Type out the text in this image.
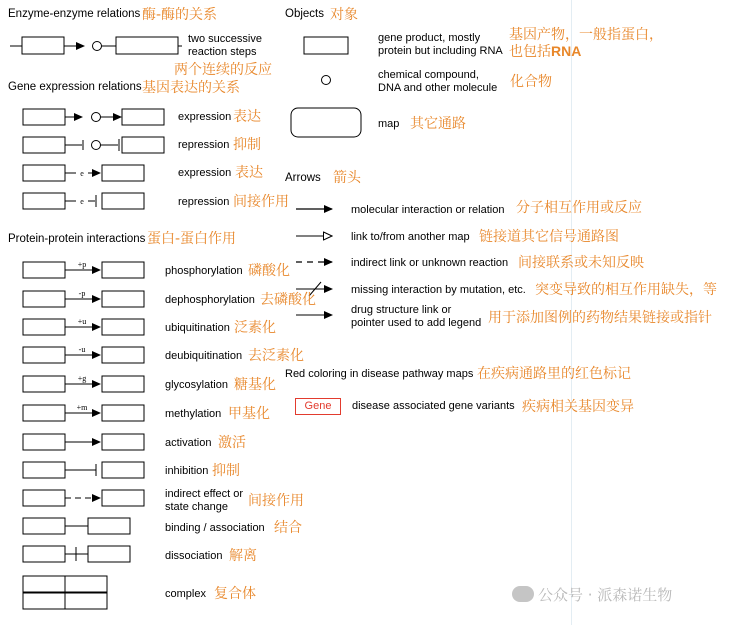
e
e
+p
-p
+u
-u
+g
+m
Enzyme-enzyme relations 酶-酶的关系
two successive
reaction steps
两个连续的反应
Gene expression relations 基因表达的关系
expression 表达
repression 抑制
expression 表达
repression 间接作用
Protein-protein interactions 蛋白-蛋白作用
phosphorylation 磷酸化
dephosphorylation 去磷酸化
ubiquitination 泛素化
deubiquitination 去泛素化
glycosylation 糖基化
methylation 甲基化
activation 激活
inhibition 抑制
indirect effect or
state change	间接作用
binding / association 结合
dissociation 解离
complex 复合体
Objects 对象
gene product, mostly
protein but including RNA
基因产物，一般指蛋白，
也包括RNA
chemical compound,
DNA and other molecule 化合物
map 其它通路
Arrows 箭头
molecular interaction or relation 分子相互作用或反应
link to/from another map 链接道其它信号通路图
indirect link or unknown reaction 间接联系或未知反映
missing interaction by mutation, etc. 突变导致的相互作用缺失，等
drug structure link or
pointer used to add legend 用于添加图例的药物结果链接或指针
Red coloring in disease pathway maps 在疾病通路里的红色标记
Gene	disease associated gene variants 疾病相关基因变异
公众号 · 派森诺生物
